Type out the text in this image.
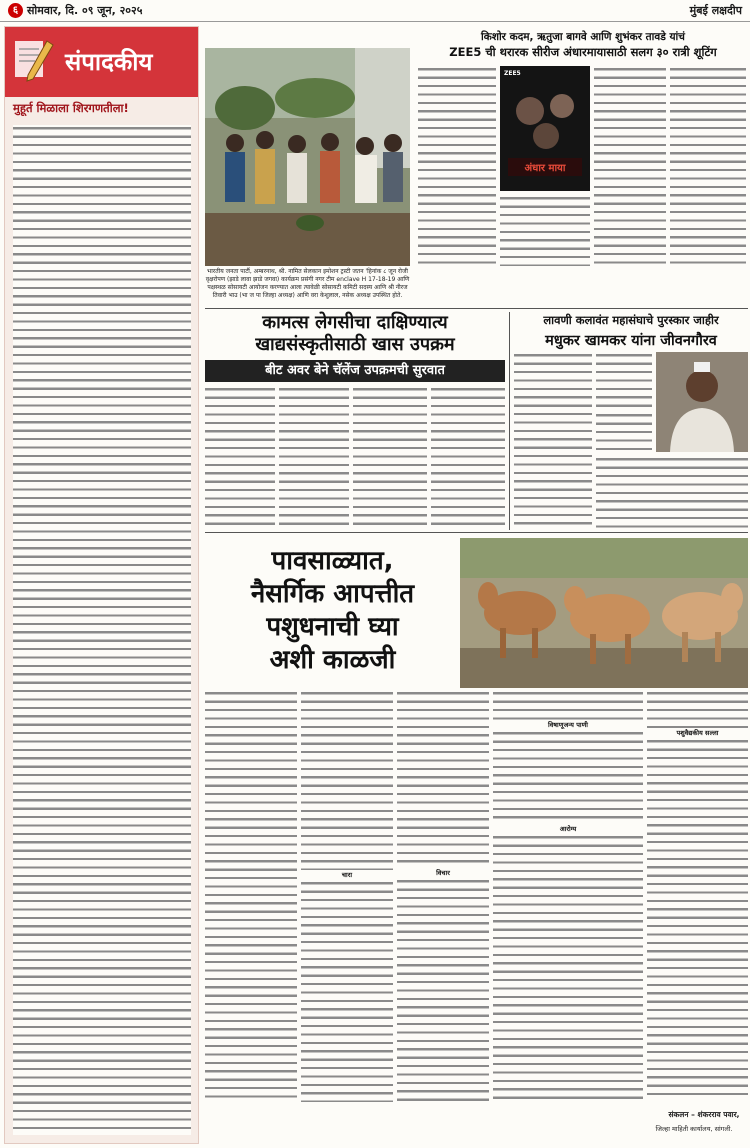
६ सोमवार, दि. ०९ जून, २०२५	मुंबई लक्षदीप
संपादकीय
मुहूर्त मिळाला शिरगणतीला!
भारतीय जनता पार्टी, अम्बरनाथ, श्री. नामित सेलकान इमोशन ट्रस्टी जतन 'हिनांक ८ जून रोजी वृक्षरोपण (झाडे लावा झाडे जगवा) कार्यक्रम प्रसंगी नगर टीम enclave H 17-18-19 आणि पक्षस्थळ सोसायटी आयोजन करण्यात आला त्यावेळी सोसायटी कमिटी सदस्य आणि श्री नीरज तिवारी भाउ (भा ज पा जिल्हा अध्यक्ष) आणि वरा केशुलाल, नसेक अध्यक्ष उपस्थित होते.
किशोर कदम, ऋतुजा बागवे आणि शुभंकर तावडे यांचं
ZEE5 ची थरारक सीरीज अंधारमायासाठी सलग ३० रात्री शूटिंग
अंधार माया
ZEE5
कामत्स लेगसीचा दाक्षिण्यात्य
खाद्यसंस्कृतीसाठी खास उपक्रम
बीट अवर बेने चॅलेंज उपक्रमची सुरवात
लावणी कलावंत महासंघाचे पुरस्कार जाहीर
मधुकर खामकर यांना जीवनगौरव
पावसाळ्यात,
नैसर्गिक आपत्तीत
पशुधनाची घ्या
अशी काळजी
चारा	विचार
विषाणूजन्य पाणी
आरोग्य
पशुवैद्यकीय सल्ला
संकलन – शंकरराव पवार,
जिल्हा माहिती कार्यालय, सांगली.
